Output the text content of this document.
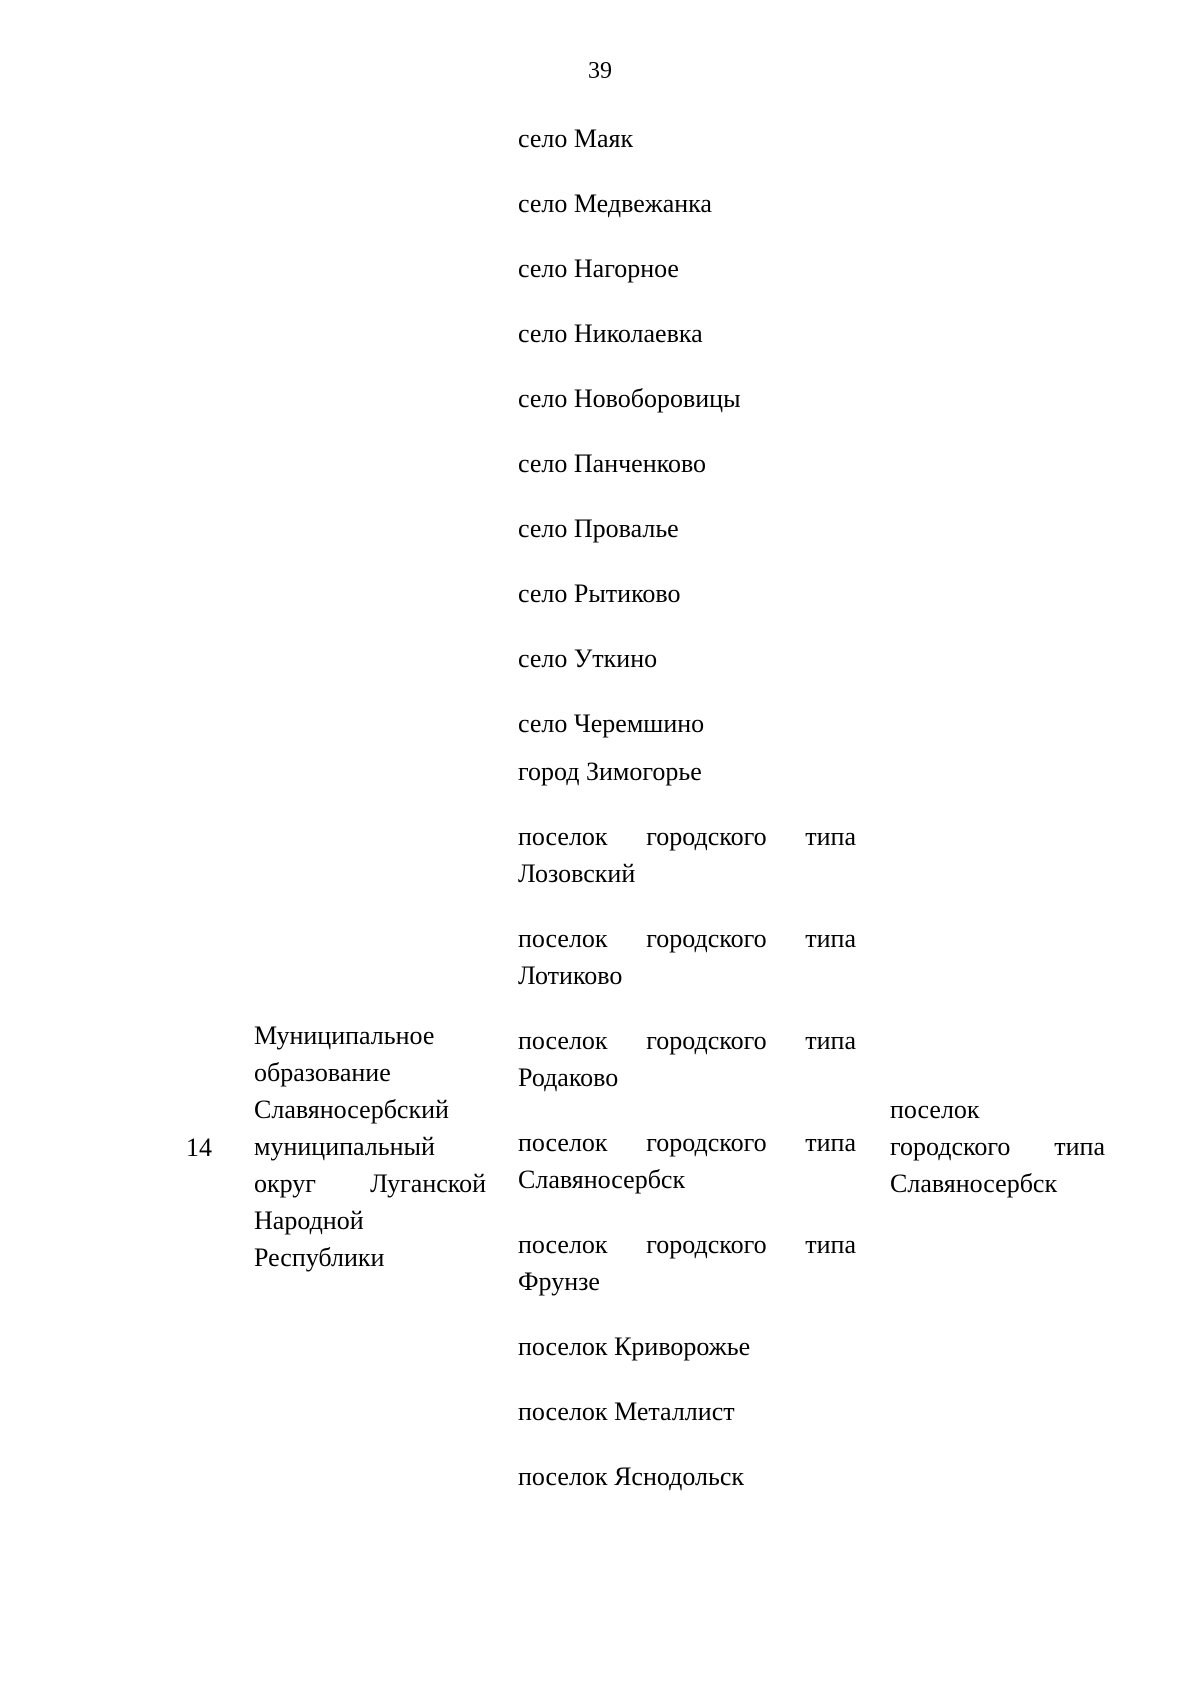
39
село Маяк
село Медвежанка
село Нагорное
село Николаевка
село Новоборовицы
село Панченково
село Провалье
село Рытиково
село Уткино
село Черемшино
город Зимогорье
поселок городского типа
Лозовский
поселок городского типа
Лотиково
поселок городского типа
Родаково
поселок городского типа
Славяносербск
поселок городского типа
Фрунзе
поселок Криворожье
поселок Металлист
поселок Яснодольск
14
Муниципальное
образование
Славяносербский
муниципальный
округ Луганской
Народной
Республики
поселок
городского типа
Славяносербск
